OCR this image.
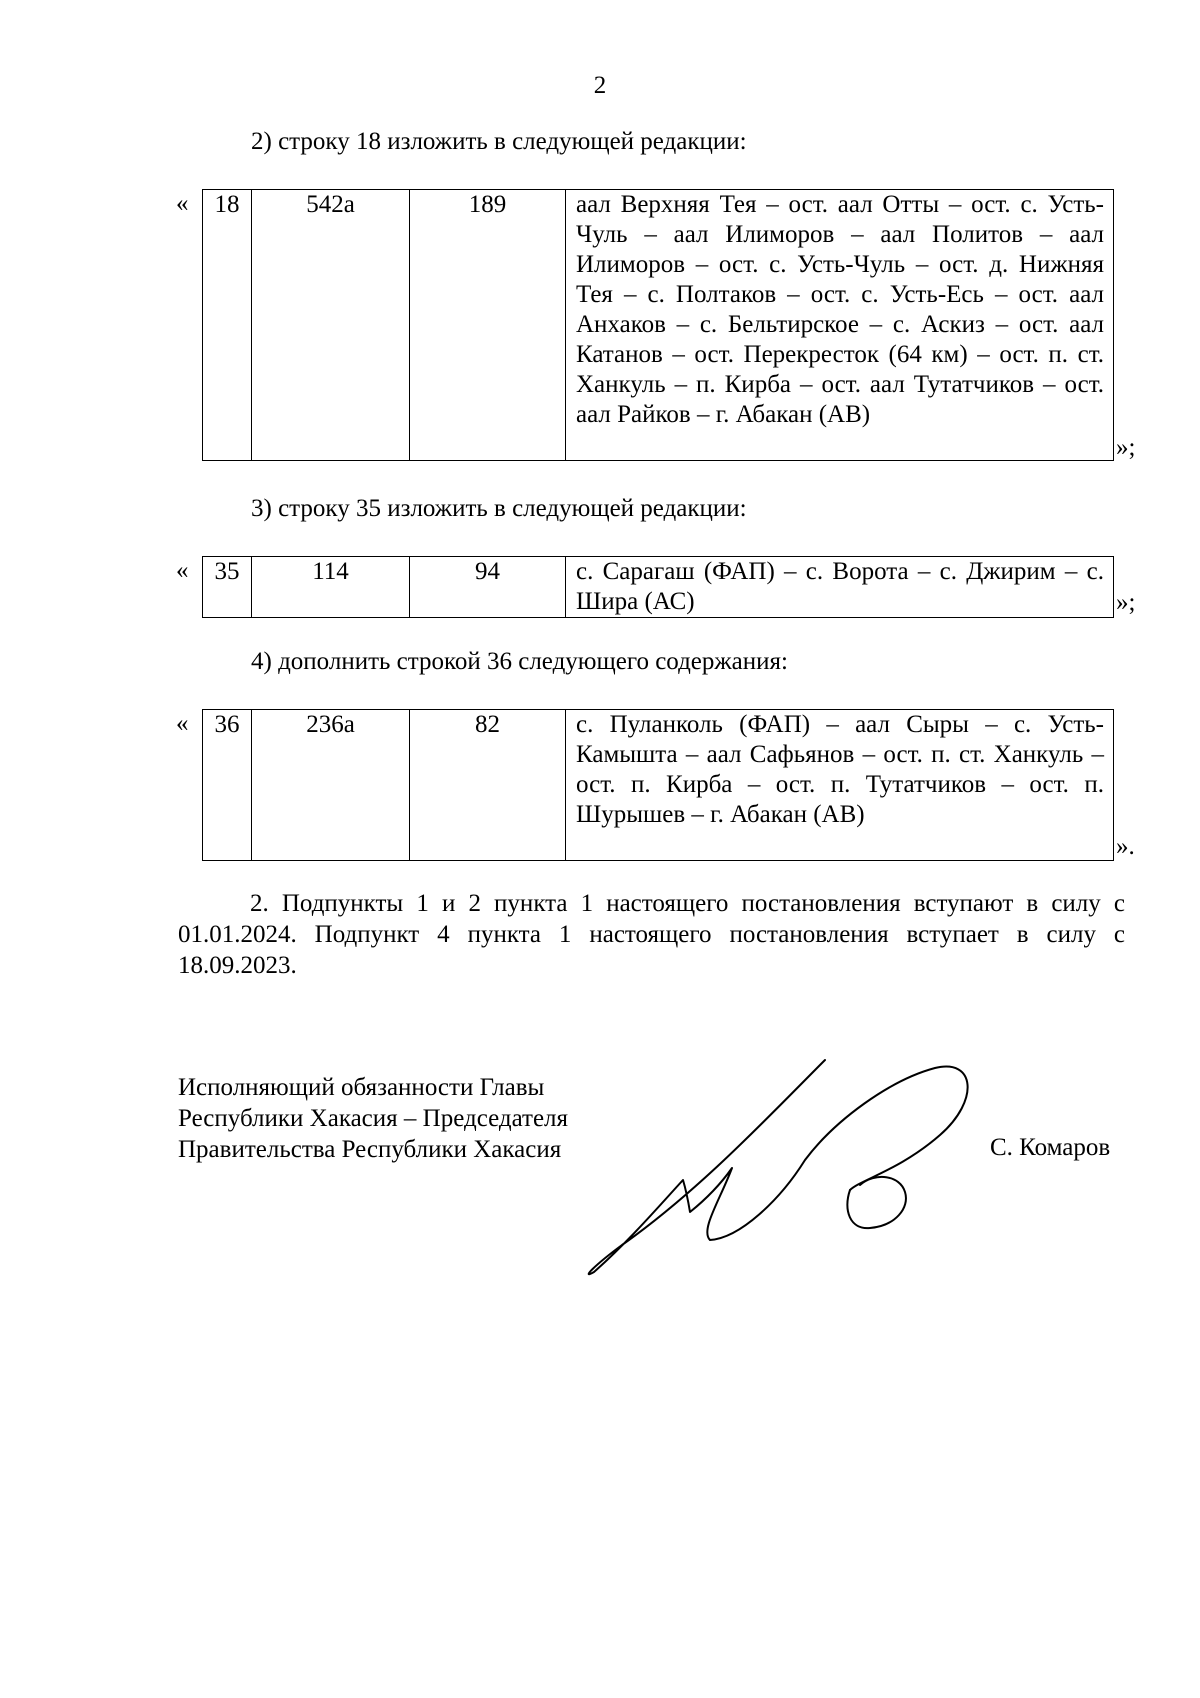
2
2) строку 18 изложить в следующей редакции:
« 18	542а	189	аал Верхняя Тея – ост. аал Отты – ост. с. Усть-Чуль – аал Илиморов – аал Политов – аал Илиморов – ост. с. Усть-Чуль – ост. д. Нижняя Тея – с. Полтаков – ост. с. Усть-Есь – ост. аал Анхаков – с. Бельтирское – с. Аскиз – ост. аал Катанов – ост. Перекресток (64 км) – ост. п. ст. Ханкуль – п. Кирба – ост. аал Тутатчиков – ост. аал Райков – г. Абакан (АВ)
»;
3) строку 35 изложить в следующей редакции:
35	114	94	с. Сарагаш (ФАП) – с. Ворота – с. Джирим – с. Шира (АС)
«
»;
4) дополнить строкой 36 следующего содержания:
36	236а	82	с. Пуланколь (ФАП) – аал Сыры – с. Усть-Камышта – аал Сафьянов – ост. п. ст. Ханкуль – ост. п. Кирба – ост. п. Тутатчиков – ост. п. Шурышев – г. Абакан (АВ)
«
».
2. Подпункты 1 и 2 пункта 1 настоящего постановления вступают в силу с 01.01.2024. Подпункт 4 пункта 1 настоящего постановления вступает в силу с 18.09.2023.
Исполняющий обязанности Главы
Республики Хакасия – Председателя
Правительства Республики Хакасия	С. Комаров
